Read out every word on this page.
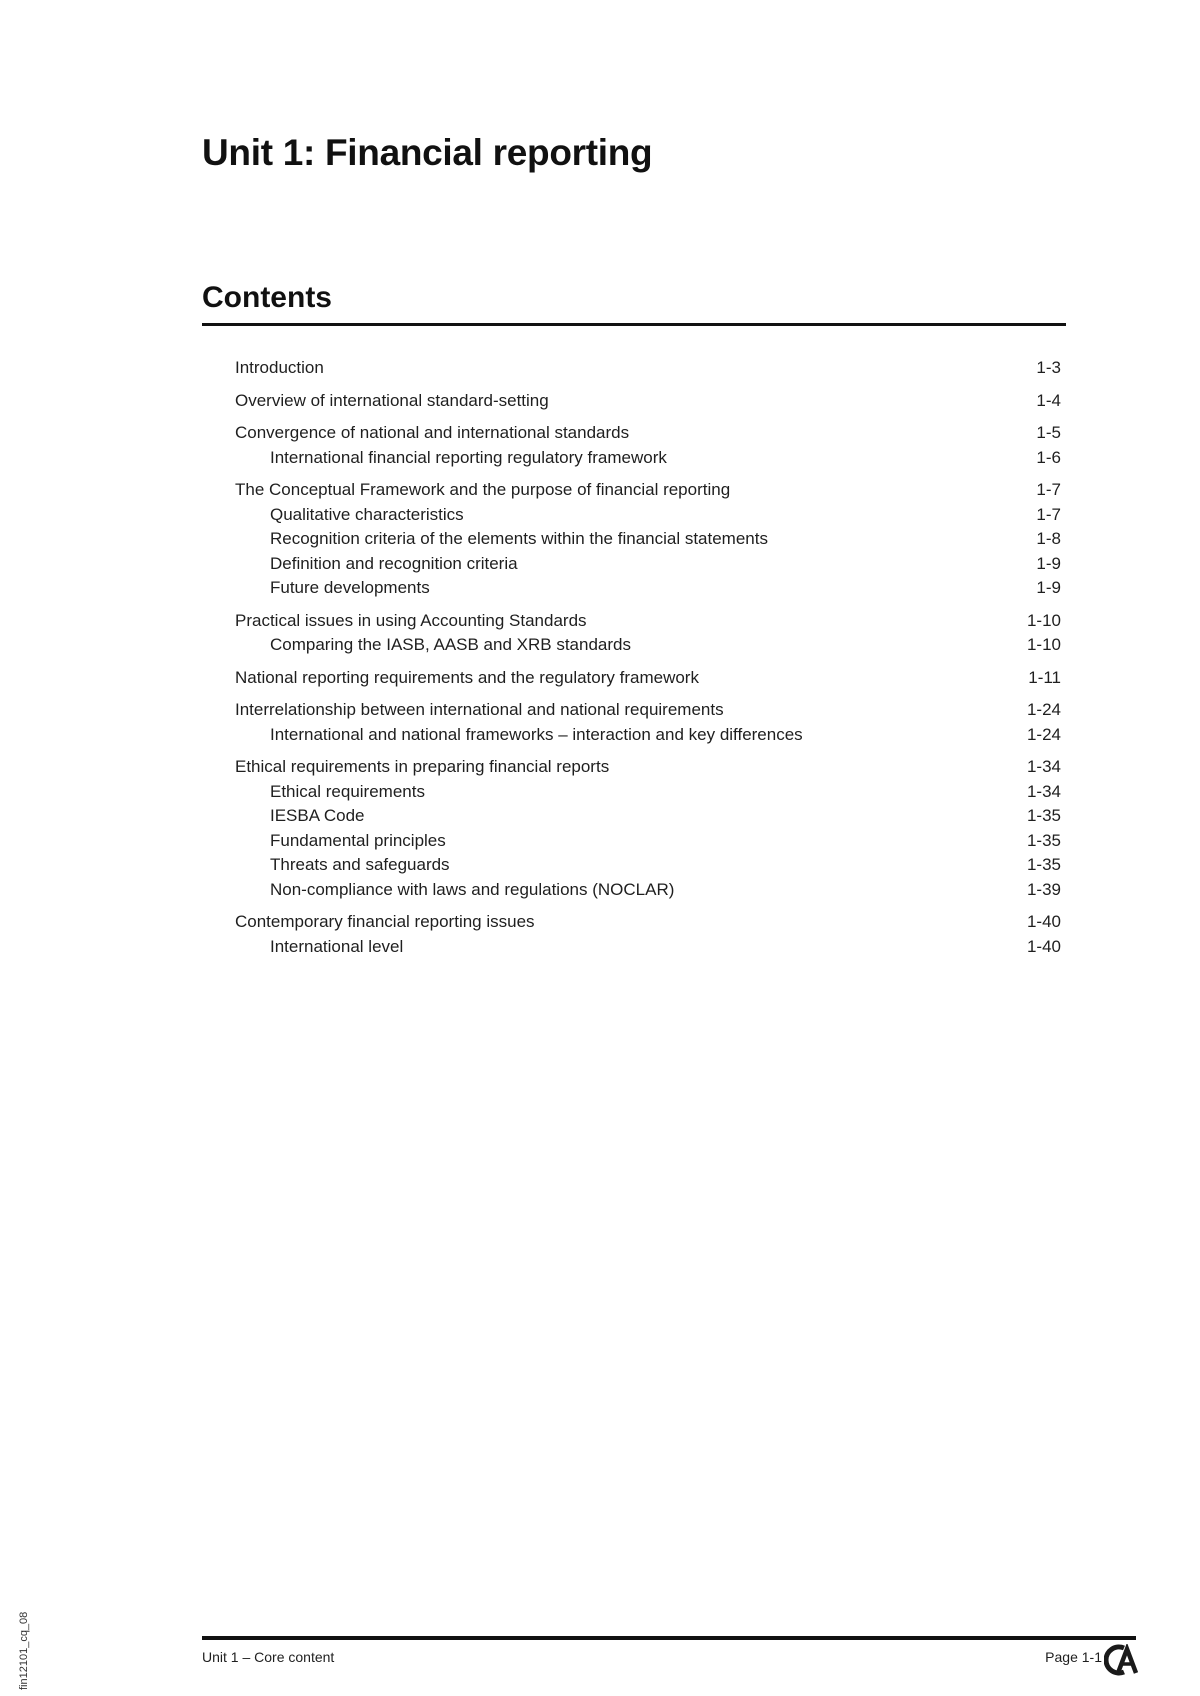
Unit 1: Financial reporting
Contents
Introduction	1-3
Overview of international standard-setting	1-4
Convergence of national and international standards	1-5
International financial reporting regulatory framework	1-6
The Conceptual Framework and the purpose of financial reporting	1-7
Qualitative characteristics	1-7
Recognition criteria of the elements within the financial statements	1-8
Definition and recognition criteria	1-9
Future developments	1-9
Practical issues in using Accounting Standards	1-10
Comparing the IASB, AASB and XRB standards	1-10
National reporting requirements and the regulatory framework	1-11
Interrelationship between international and national requirements	1-24
International and national frameworks – interaction and key differences	1-24
Ethical requirements in preparing financial reports	1-34
Ethical requirements	1-34
IESBA Code	1-35
Fundamental principles	1-35
Threats and safeguards	1-35
Non-compliance with laws and regulations (NOCLAR)	1-39
Contemporary financial reporting issues	1-40
International level	1-40
fin12101_cq_08	Unit 1 – Core content	Page 1-1
